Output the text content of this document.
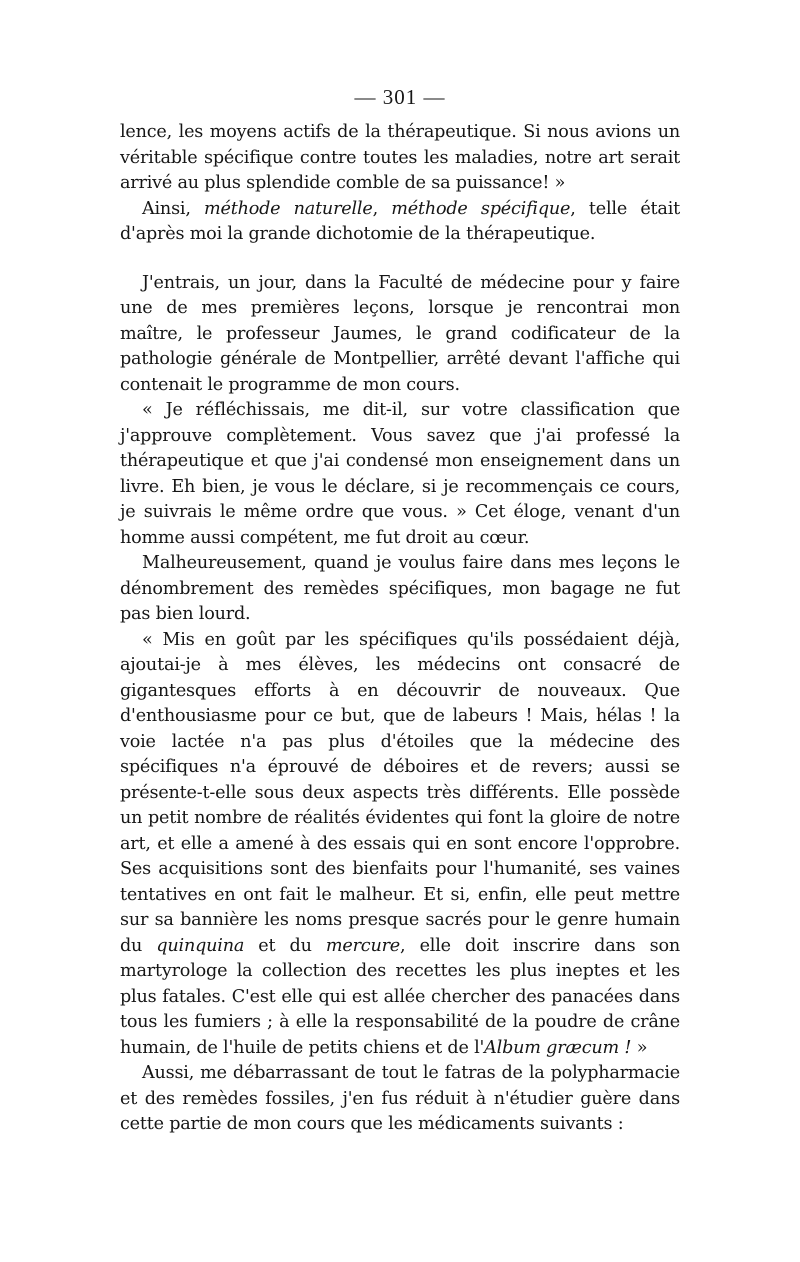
— 301 —

lence, les moyens actifs de la thérapeutique. Si nous avions un véritable spécifique contre toutes les maladies, notre art serait arrivé au plus splendide comble de sa puissance! »

Ainsi, méthode naturelle, méthode spécifique, telle était d'après moi la grande dichotomie de la thérapeutique.

J'entrais, un jour, dans la Faculté de médecine pour y faire une de mes premières leçons, lorsque je rencontrai mon maître, le professeur Jaumes, le grand codificateur de la pathologie générale de Montpellier, arrêté devant l'affiche qui contenait le programme de mon cours.

« Je réfléchissais, me dit-il, sur votre classification que j'approuve complètement. Vous savez que j'ai professé la thérapeutique et que j'ai condensé mon enseignement dans un livre. Eh bien, je vous le déclare, si je recommençais ce cours, je suivrais le même ordre que vous. » Cet éloge, venant d'un homme aussi compétent, me fut droit au cœur.

Malheureusement, quand je voulus faire dans mes leçons le dénombrement des remèdes spécifiques, mon bagage ne fut pas bien lourd.

« Mis en goût par les spécifiques qu'ils possédaient déjà, ajoutai-je à mes élèves, les médecins ont consacré de gigantesques efforts à en découvrir de nouveaux. Que d'enthousiasme pour ce but, que de labeurs ! Mais, hélas ! la voie lactée n'a pas plus d'étoiles que la médecine des spécifiques n'a éprouvé de déboires et de revers; aussi se présente-t-elle sous deux aspects très différents. Elle possède un petit nombre de réalités évidentes qui font la gloire de notre art, et elle a amené à des essais qui en sont encore l'opprobre. Ses acquisitions sont des bienfaits pour l'humanité, ses vaines tentatives en ont fait le malheur. Et si, enfin, elle peut mettre sur sa bannière les noms presque sacrés pour le genre humain du quinquina et du mercure, elle doit inscrire dans son martyrologe la collection des recettes les plus ineptes et les plus fatales. C'est elle qui est allée chercher des panacées dans tous les fumiers ; à elle la responsabilité de la poudre de crâne humain, de l'huile de petits chiens et de l'Album græcum ! »

Aussi, me débarrassant de tout le fatras de la polypharmacie et des remèdes fossiles, j'en fus réduit à n'étudier guère dans cette partie de mon cours que les médicaments suivants :
